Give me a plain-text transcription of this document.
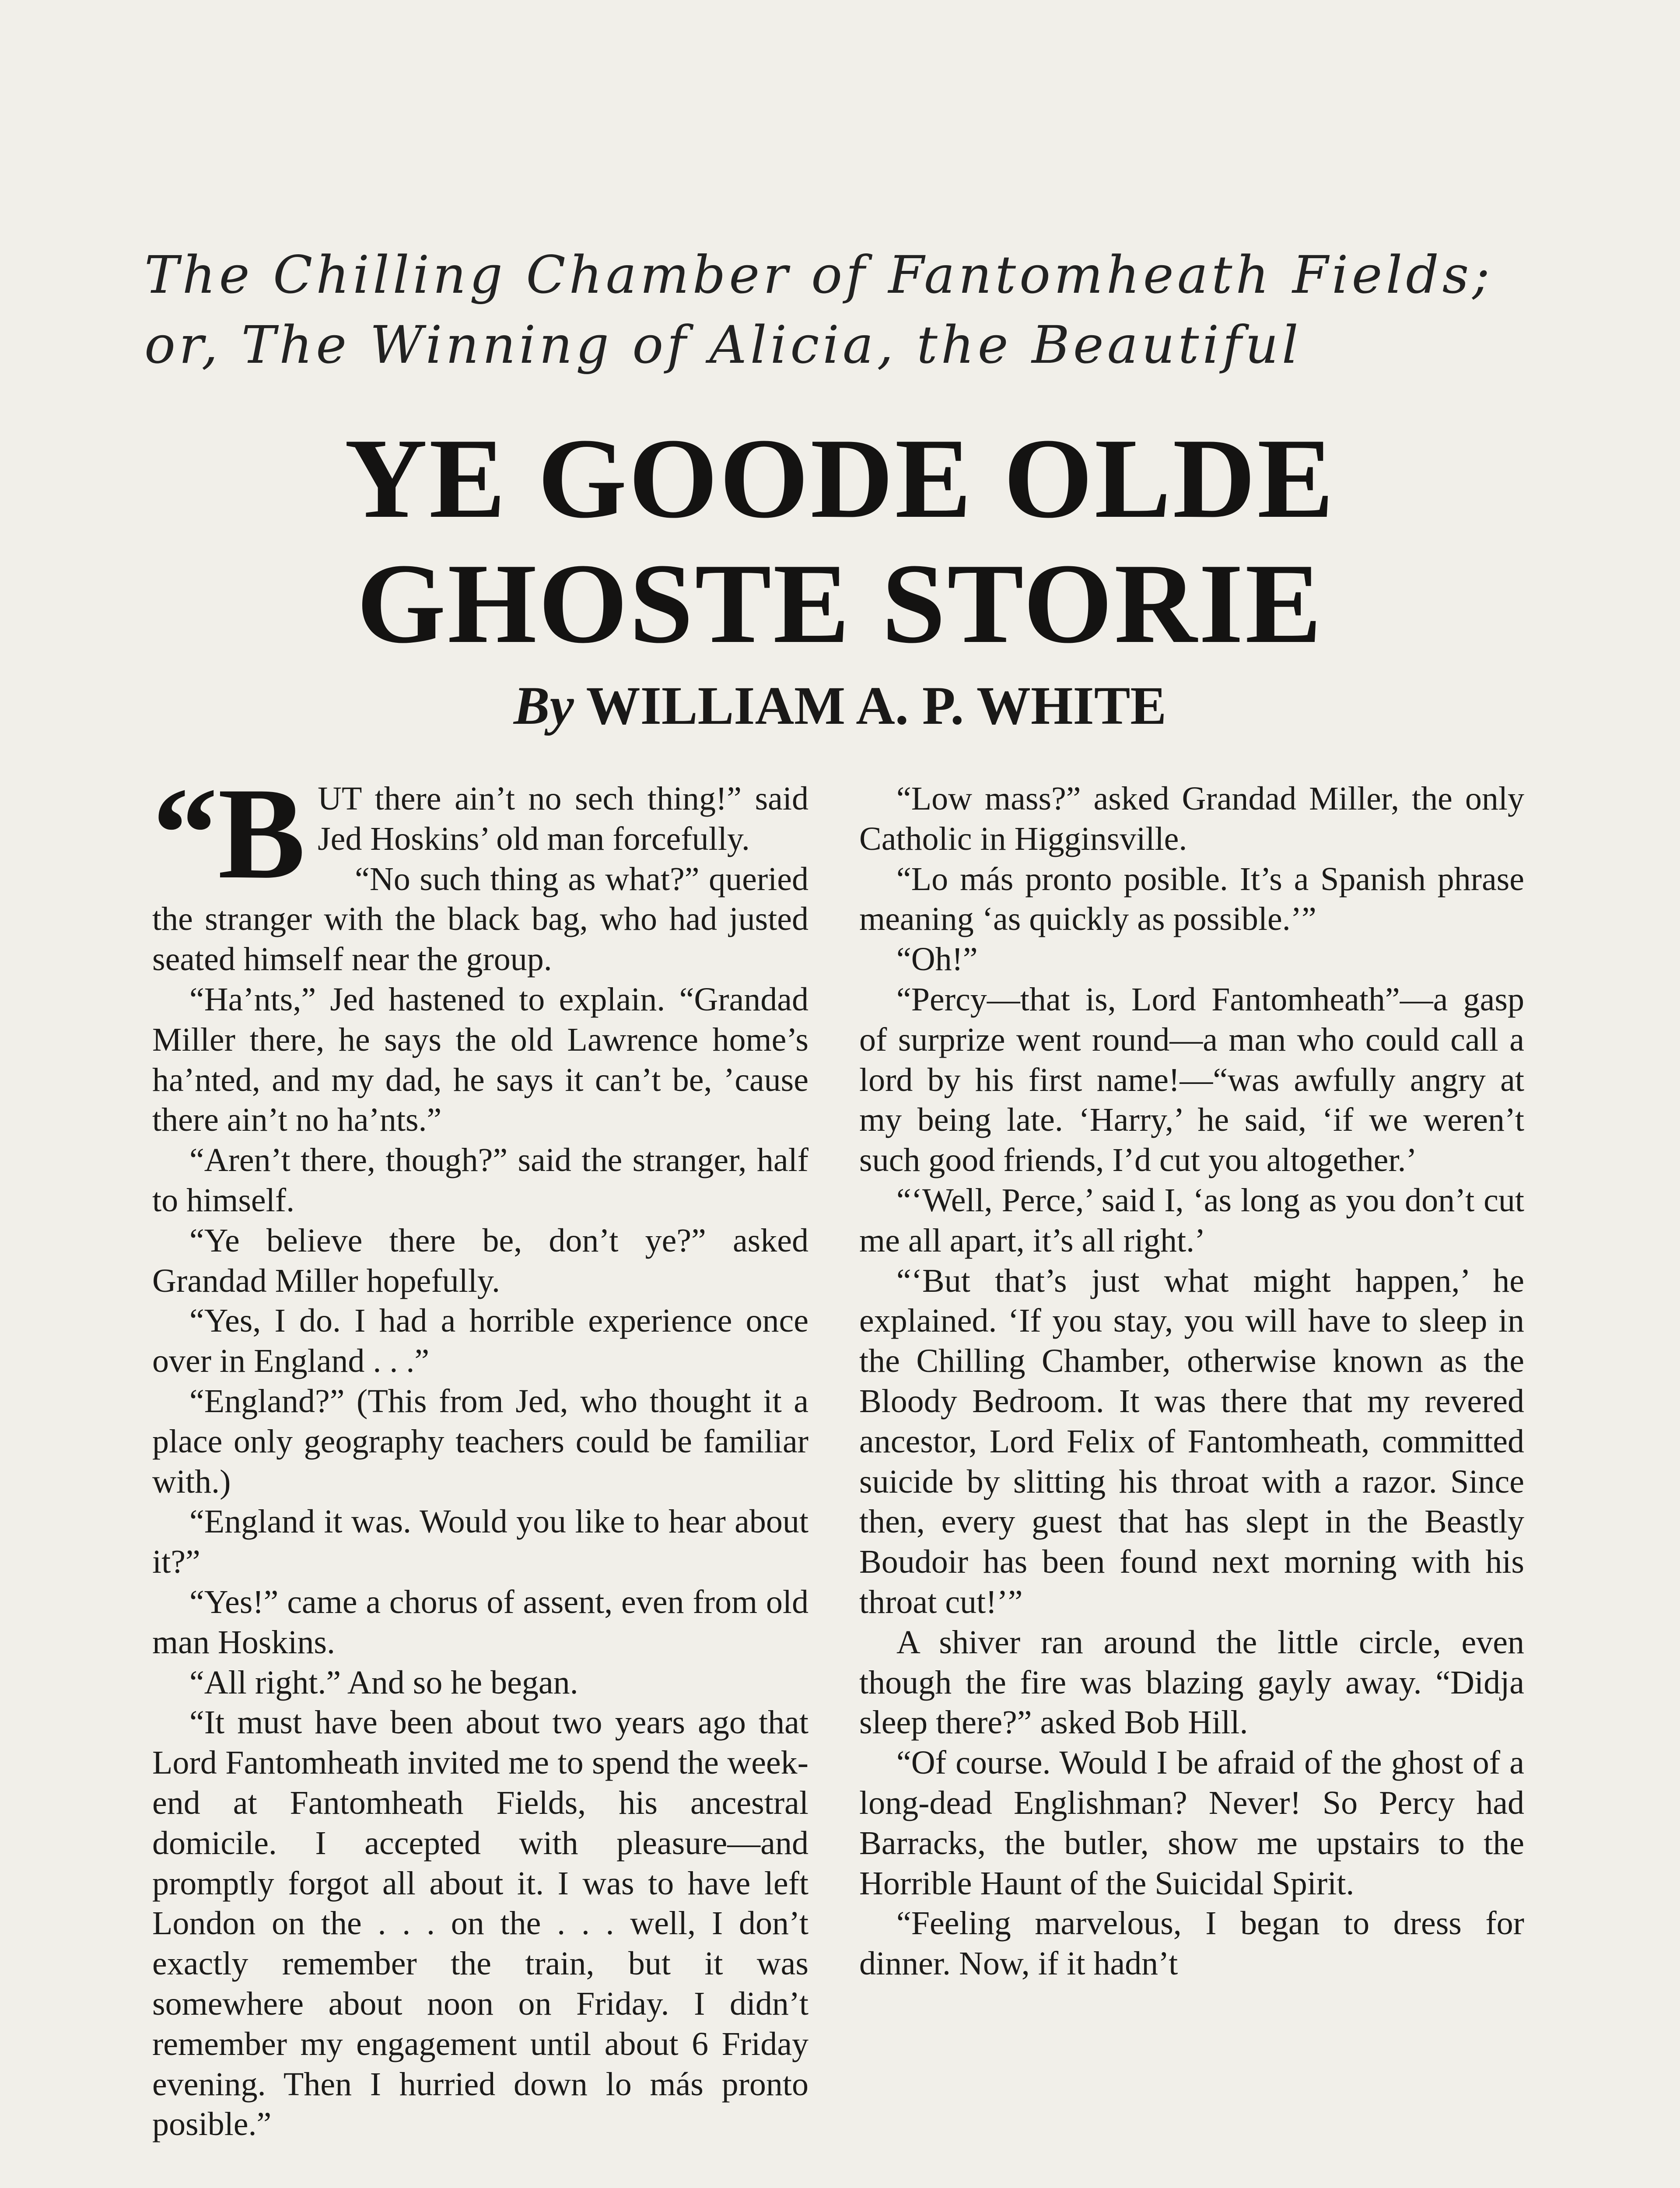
The Chilling Chamber of Fantomheath Fields;
or, The Winning of Alicia, the Beautiful
YE GOODE OLDE
GHOSTE STORIE
By WILLIAM A. P. WHITE

“B UT there ain’t no sech thing!” said Jed Hoskins’ old man forcefully.

“No such thing as what?” queried the stranger with the black bag, who had justed seated himself near the group.

“Ha’nts,” Jed hastened to explain. “Grandad Miller there, he says the old Lawrence home’s ha’nted, and my dad, he says it can’t be, ’cause there ain’t no ha’nts.”

“Aren’t there, though?” said the stranger, half to himself.

“Ye believe there be, don’t ye?” asked Grandad Miller hopefully.

“Yes, I do. I had a horrible experience once over in England . . .”

“England?” (This from Jed, who thought it a place only geography teachers could be familiar with.)

“England it was. Would you like to hear about it?”

“Yes!” came a chorus of assent, even from old man Hoskins.

“All right.” And so he began.

“It must have been about two years ago that Lord Fantomheath invited me to spend the week-end at Fantomheath Fields, his ancestral domicile. I accepted with pleasure—and promptly forgot all about it. I was to have left London on the . . . on the . . . well, I don’t exactly remember the train, but it was somewhere about noon on Friday. I didn’t remember my engagement until about 6 Friday evening. Then I hurried down lo más pronto posible.”

“Low mass?” asked Grandad Miller, the only Catholic in Higginsville.

“Lo más pronto posible. It’s a Spanish phrase meaning ‘as quickly as possible.’”

“Oh!”

“Percy—that is, Lord Fantomheath”—a gasp of surprize went round—a man who could call a lord by his first name!—“was awfully angry at my being late. ‘Harry,’ he said, ‘if we weren’t such good friends, I’d cut you altogether.’

“‘Well, Perce,’ said I, ‘as long as you don’t cut me all apart, it’s all right.’

“‘But that’s just what might happen,’ he explained. ‘If you stay, you will have to sleep in the Chilling Chamber, otherwise known as the Bloody Bedroom. It was there that my revered ancestor, Lord Felix of Fantomheath, committed suicide by slitting his throat with a razor. Since then, every guest that has slept in the Beastly Boudoir has been found next morning with his throat cut!’”

A shiver ran around the little circle, even though the fire was blazing gayly away. “Didja sleep there?” asked Bob Hill.

“Of course. Would I be afraid of the ghost of a long-dead Englishman? Never! So Percy had Barracks, the butler, show me upstairs to the Horrible Haunt of the Suicidal Spirit.

“Feeling marvelous, I began to dress for dinner. Now, if it hadn’t
